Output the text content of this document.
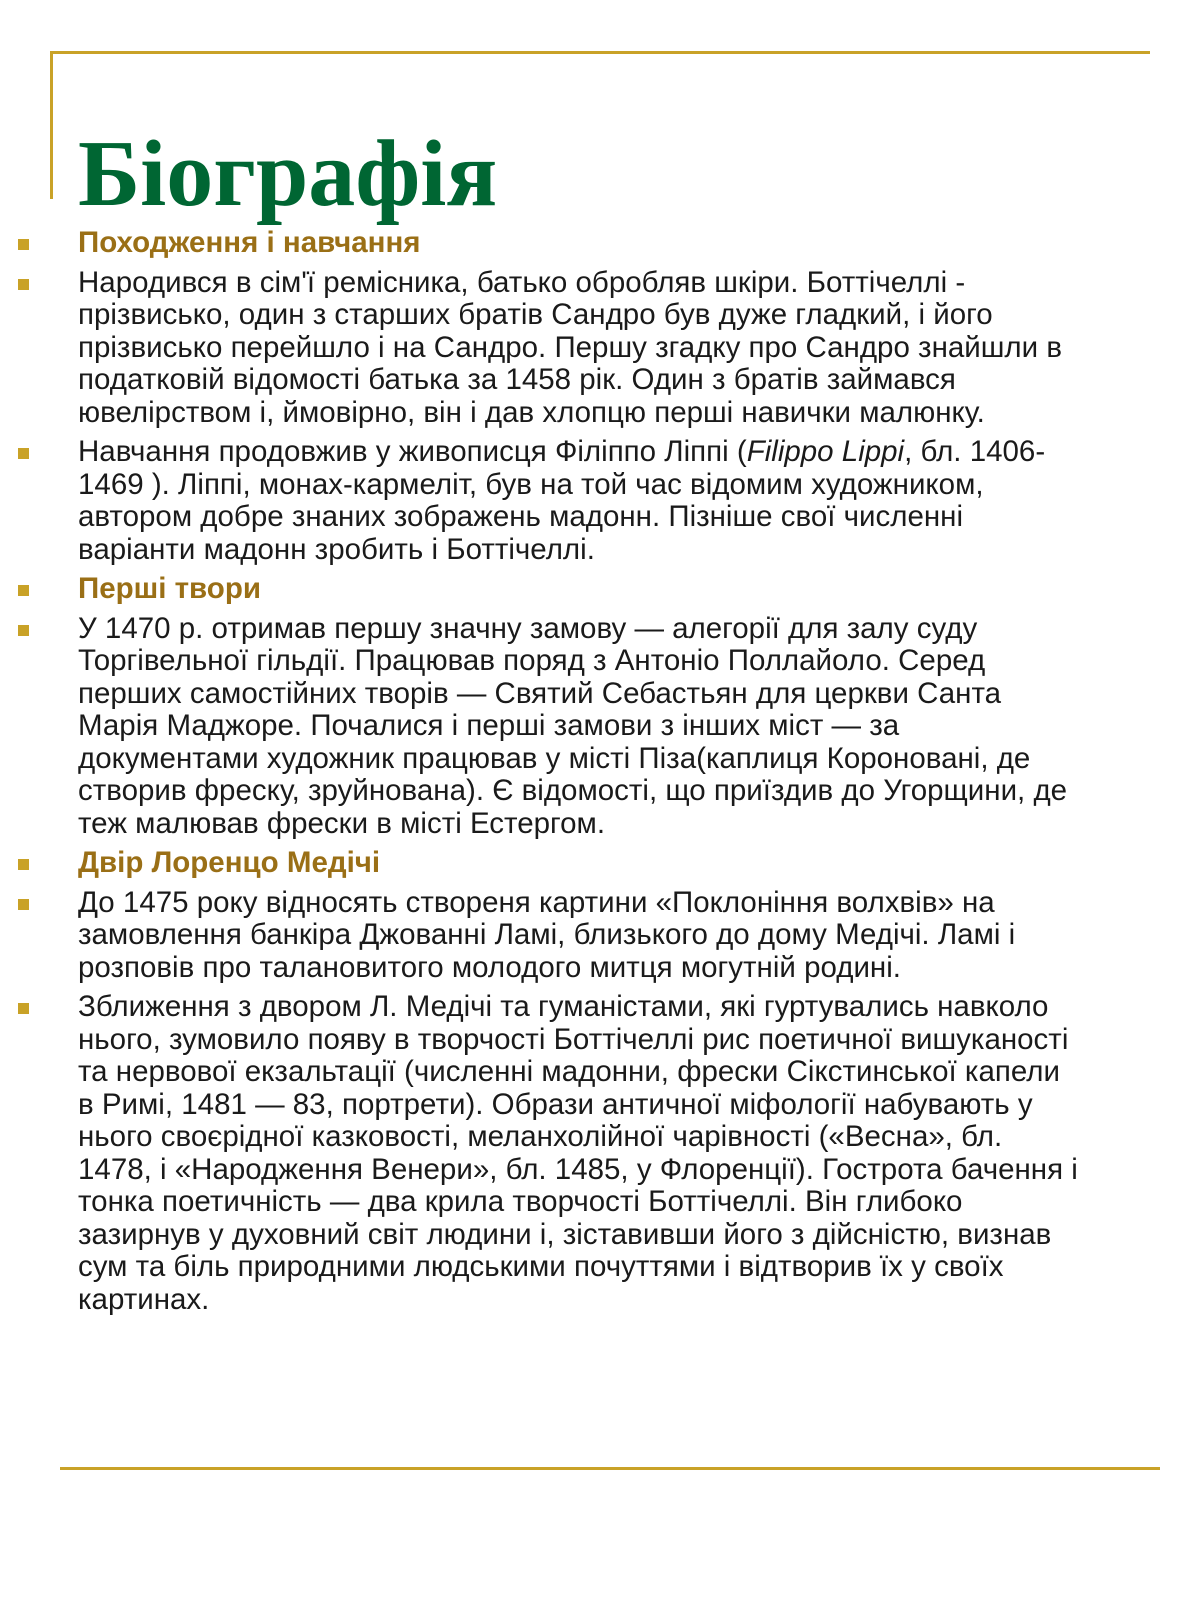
Біографія
Походження і навчання
Народився в сім'ї ремісника, батько обробляв шкіри. Боттічеллі - прізвисько, один з старших братів Сандро був дуже гладкий, і його прізвисько перейшло і на Сандро. Першу згадку про Сандро знайшли в податковій відомості батька за 1458 рік. Один з братів займався ювелірством і, ймовірно, він і дав хлопцю перші навички малюнку.
Навчання продовжив у живописця Філіппо Ліппі (Filippo Lippi, бл. 1406-1469 ). Ліппі, монах-кармеліт, був на той час відомим художником, автором добре знаних зображень мадонн. Пізніше свої численні варіанти мадонн зробить і Боттічеллі.
Перші твори
У 1470 р. отримав першу значну замову — алегорії для залу суду Торгівельної гільдії. Працював поряд з Антоніо Поллайоло. Серед перших самостійних творів — Святий Себастьян для церкви Санта Марія Маджоре. Почалися і перші замови з інших міст — за документами художник працював у місті Піза(каплиця Короновані, де створив фреску, зруйнована). Є відомості, що приїздив до Угорщини, де теж малював фрески в місті Естергом.
Двір Лоренцо Медічі
До 1475 року відносять створеня картини «Поклоніння волхвів» на замовлення банкіра Джованні Ламі, близького до дому Медічі. Ламі і розповів про талановитого молодого митця могутній родині.
Зближення з двором Л. Медічі та гуманістами, які гуртувались навколо нього, зумовило появу в творчості Боттічеллі рис поетичної вишуканості та нервової екзальтації (численні мадонни, фрески Сікстинської капели в Римі, 1481 — 83, портрети). Образи античної міфології набувають у нього своєрідної казковості, меланхолійної чарівності («Весна», бл. 1478, і «Народження Венери», бл. 1485, у Флоренції). Гострота бачення і тонка поетичність — два крила творчості Боттічеллі. Він глибоко зазирнув у духовний світ людини і, зіставивши його з дійсністю, визнав сум та біль природними людськими почуттями і відтворив їх у своїх картинах.
